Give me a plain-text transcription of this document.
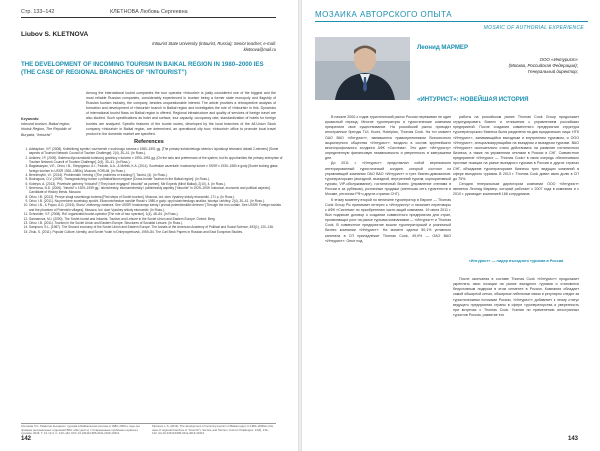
Стр. 133–142	КЛЕТНОВА Любовь Сергеевна
Liubov S. KLETNOVA
Intourist State University (Intourist, Russia); Senior teacher; e-mail: kletnova@mail.ru
THE DEVELOPMENT OF INCOMING TOURISM IN BAIKAL REGION IN 1980–2000 IES (THE CASE OF REGIONAL BRANCHES OF “INTOURIST”)
Among the international tourist companies the tour operator «Intourist» is justly considered one of the biggest and the most reliable Russian companies, considerably experienced in tourism being a former state monopoly and flagship of Russian tourism industry, the company, besides unquestionable interest. The article provides a retrospective analysis of formation and development of «Intourist» branch in Baikal region and investigates the role of «Intourist» in this. Dynamics of international tourist flows on Baikal region is offered. Regional infrastructure and quality of services of foreign travel are also studied. Such specifications as hotel and surface, tour capacity, occupancy rate, standardization of hotels for foreign tourists are analyzed. Specific features of the tourist routes, developed by the local branches of the All-Union Stock company «Intourist» in Baikal region, are determined, an operational city tour; «Intourist» office to promote local travel product in the domestic market are specified.
Keywords:
inbound tourism, Baikal region, Irkutsk Region, The Republic of Buryatia, “Intourist”
References
1. Adelaplum, V.P. (2008). Kollektivnyj symbiz i razrhzenie v sochinogo turizma v 1980–1991 gg. [The primary turistichekogo sbenia v Izputskoyi telsmaroi oblasti 2-mieneru] [Some aspects of Tourism Network Council of Tourism Challenge]. 2(4), 30–41. (In Russ.).
2. Anikeev, I.P. (2009). Sistema dlja razrabotki turistovoj gostinicy v turizme v 1990–1991 gg. [On the sets and preferences of the system, but its opportunities the primary enterprise of Tourism Network Council of Tourism Challenge], 2(4), 30–41. (In Russ.).
3. Bagdasaryan, V.E., Orlov, I.B., Shnyrganov, A.I., Fedulin, A.A., & Melnik, K.A. (2011). Sovetskoe zazerkale: inostrannyi turizm v SSSR v 1930–1980-e gody [Soviet looking glass: foreign tourism in USSR 1930–1980s]. Moscow, FORUM. (In Russ.).
4. Berezhnykh, V.I. (2014). Problemakh i trening i [The problems or tracking?], Tourist, (4). (In Russ.).
5. Bodrogova, O.V. (2009). Transgranichnyy turizm v pribaikal'skom regione [Cross-border Tourism in the Baikal region]. (In Russ.).
6. Kobeyin, A. (2013). Privetsvie partnery “Intourist” [“They have engaged” Intourist” as partner]. Mir Expeds (Mirof Baikal), 2(10), 4. (In Russ.).
7. Nerenova, N.D. (2006). “Inturist” v 1929–1939 gg.: istoricheskiy, ekonomicheskiy i politicheskiy aspekty [“Intourist” in 1929–1939: historical, economic and political aspects]. Candidate of History thesis. Moscow.
8. Orlov, I.B. (2013). Pervye shagi sovetskogo turizma [First steps of Soviet tourism]. Moscow, Izd. dom Vysshey shkoly ekonomiki, 171 p. (In Russ.).
9. Orlov, I.B. (2011). Na perelome sovetskoy epokhi. Ekonomicheskoe razvitie Rossii v 1980-e gody: opyt istoricheskogo analiza. Istoriya i arkhivy, 2(4), 30–41. (In Russ.).
10. Orlov, I.B., & Popov, A.D. (2016). Skvoz' zheleznyy zanaves. See USSR! Inostrannye turisty i prizrak potemkinskikh dereven' [Through the iron curtain. See USSR! Foreign tourists and the phantom of Potemkin villages]. Moscow, Izd. dom Vysshey shkoly ekonomiki. (In Russ.).
11. Schneider, V.F. (2008). Rol' organizatsii tourist-operator [The role of tour operator]. 1(4), 48–64. (In Russ.).
12. Sarmanova, M.I. (2000). The Soviet tourist and Intourist. Tourism and Leisure in the Soviet Union and Eastern Europe. Oxford: Berg.
13. Orlov, I.B. (2011). Tourism in the Soviet Union and Eastern Europe: Structures of Socialist Leisure. (In Russ.).
14. Sampson, S.L. (1987). The Second economy of the Soviet Union and Eastern Europe. The Annals of the American Academy of Political and Social Science, 493(1), 120–136.
15. Zhuk, S. (2011). Popular Culture, Identity, and Soviet Youth in Dniepropetrovsk, 1959–84. The Carl Beck Papers in Russian and East European Studies.
Клетнова Л.С. Развитие въездного туризма в Байкальском регионе в 1980–2000-е годы (на примере региональных отделений ВАО «Интурист») // Современные проблемы сервиса и туризма. 2019. Т. 13. № 3. С. 133–142. DOI: 10.24411/1995-0411-2019-10313
Kletnova, L.S. (2019). The development of incoming tourism in Baikal region in 1980–2000ies (the case of regional branches of “Intourist”). Service and Tourism: Current Challenges, 13(3), 133–142. doi:10.24411/1995-0411-2019-10313
142
МОЗАИКА АВТОРСКОГО ОПЫТА
MOSAIC OF AUTHORIAL EXPERIENCE
Леонид МАРМЕР
ООО «Интурист»
(Москва, Российская Федерация);
Генеральный директор;
«ИНТУРИСТ»: НОВЕЙШАЯ ИСТОРИЯ

В начале 2000-х годов туристический рынок России переживал не один кризисный период. Многие туроператоры и туристические компании прекратили свое существование. На российский рынок приходят иностранные бренды TUI, Kuoni, Hotelplan, Thomas Cook. На тот момент ОАО ВАО «Интурист», являвшееся правопреемником Всесоюзного акционерного общества «Интурист», входило в состав крупнейшего многопрофильного холдинга АФК «Система». Это дает «Интуристу» определенную финансовую независимость и уверенность в завтрашнем дне.

До 2011 г. «Интурист» представлял собой вертикально интегрированный туристический холдинг, который состоял из управляющей компании ОАО ВАО «Интурист» и трех бизнес-дивизионов: туроператорских (въездной, выездной, внутренний туризм, корпоративный туризм, VIP-обслуживание), гостиничный бизнес (управление отелями в России и за рубежом), розничные продажи (агентская сеть турагентств в Москве, регионах РФ и других странах СНГ).

К этому моменту второй по величине туроператор в Европе — Thomas Cook Group Plc принимает интерес к «Интуристу» и начинает переговоры с АФК «Система» по приобретению части акций компании. 19 июля 2011 г. был подписан договор о создании совместного предприятия для стран, проявляющих рост на рынке туризма компаниями — «Интурист» и Thomas Cook. В совместное предприятие вошли туроператорский и розничный бизнес компании «Интурист». На момент сделки 50,1% уставного капитала в СП принадлежит Thomas Cook, 49,9% — ОАО ВАО «Интурист». Опыт под

работы на российском рынке Thomas Cook Group продолжает структурировать бизнес и отношения с управлением российских предприятий. После создания совместного предприятия структура туроператорского бизнеса была разделена на два юридических лица: НТК «Интурист», занимающийся выездным и внутренним туризмом, и ООО «Интурист», специализирующийся на въездном и выездном туризме. ВАО «Интурист» окончательно стало действовать на развитие гостиничного бизнеса, а также на управлении отелями в России и СНГ. Совместное предприятие «Интурист — Thomas Cook» в свою очередь обеспечивало прочные позиции на рынке выездного туризма в России и других странах СНГ, объединив туроператорские бизнесы трех ведущих компаний в сфере въездного туризма. В 2013 г. Thomas Cook довел свою долю в СП до 75%.

Сегодня генеральным директором компании ООО «Интурист» является Леонид Мармер, который работает с 2007 года в компании и с 2010 г. руководит компанией 168 сотрудников.

«Интурист» — лидер въездного туризма в России

После окончания в составе Thomas Cook «Интурист» продолжает укреплять свои позиции на рынке въездного туризма и становится безусловным лидером в этом сегменте в России. Компания обладает самой обширной сетью, обширные гибельные связи и регулярно следит за туристическими потоками России, «Интурист» добавляет к этому статус ведущего предприятия страны в сфере туроператорства и уверенность при встречах с Thomas Cook. Усилия по применению иностранных туристов России, развитие его

143
